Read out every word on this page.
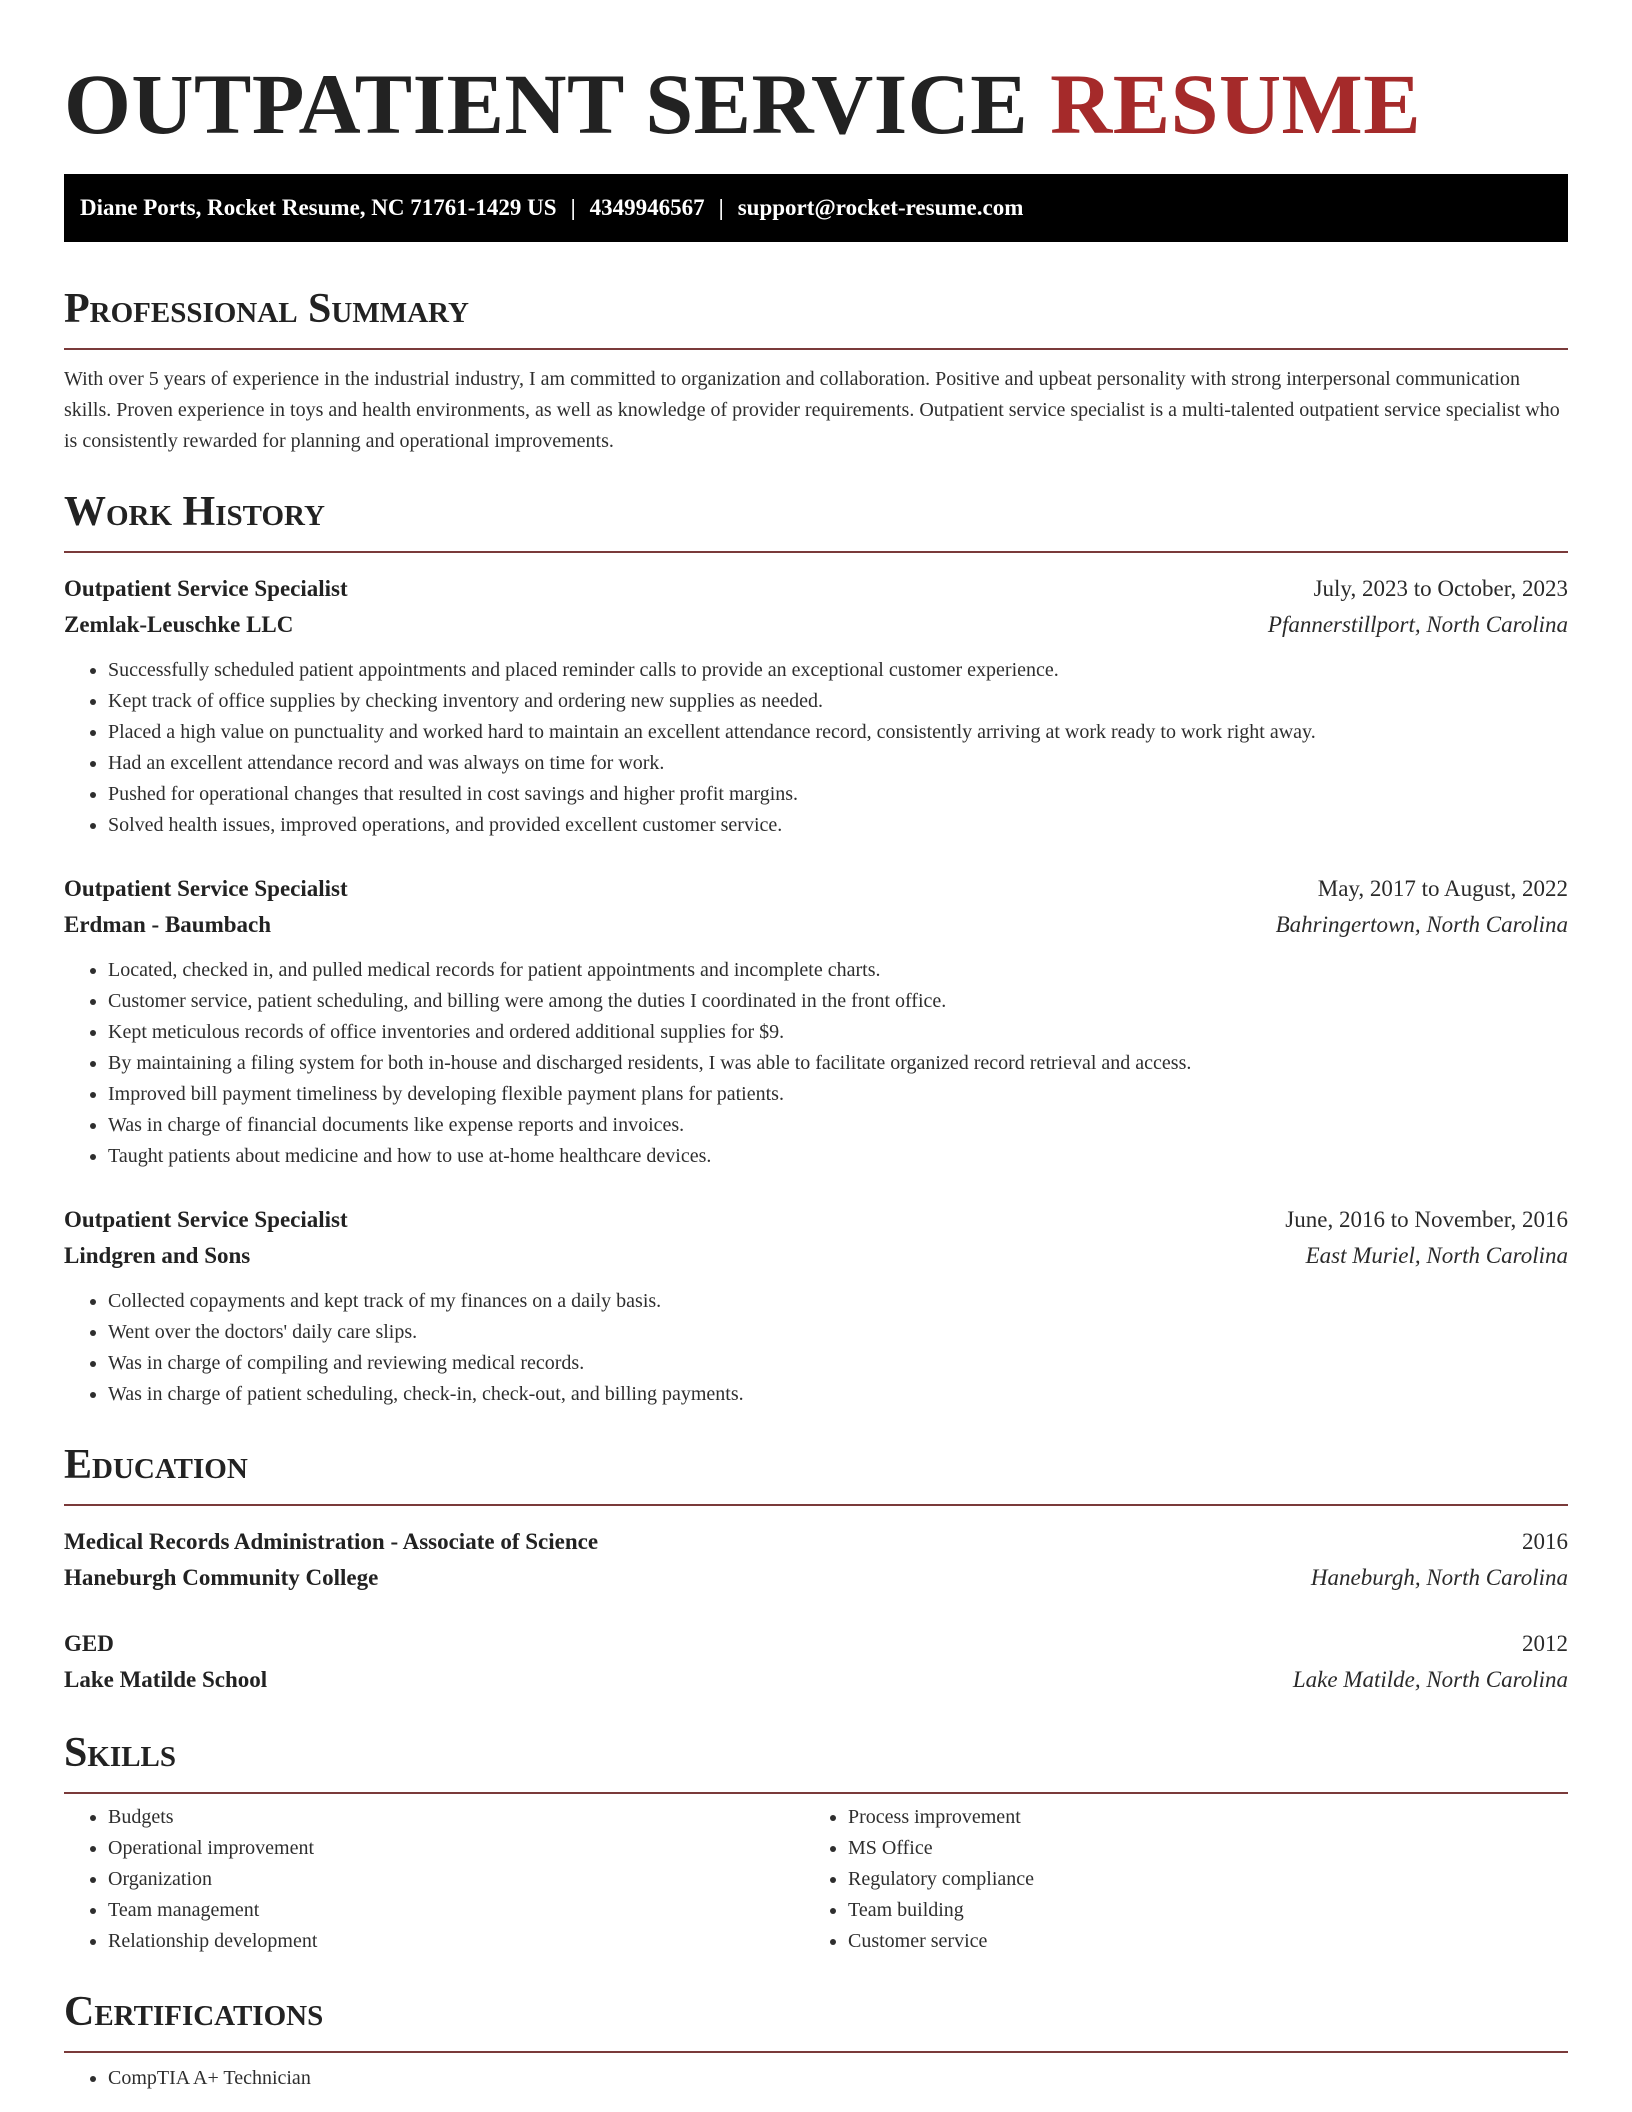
OUTPATIENT SERVICE RESUME
Diane Ports, Rocket Resume, NC 71761-1429 US | 4349946567 | support@rocket-resume.com
Professional Summary

With over 5 years of experience in the industrial industry, I am committed to organization and collaboration. Positive and upbeat personality with strong interpersonal communication skills. Proven experience in toys and health environments, as well as knowledge of provider requirements. Outpatient service specialist is a multi-talented outpatient service specialist who is consistently rewarded for planning and operational improvements.

Work History
Outpatient Service Specialist	July, 2023 to October, 2023
Zemlak-Leuschke LLC	Pfannerstillport, North Carolina
• Successfully scheduled patient appointments and placed reminder calls to provide an exceptional customer experience.
• Kept track of office supplies by checking inventory and ordering new supplies as needed.
• Placed a high value on punctuality and worked hard to maintain an excellent attendance record, consistently arriving at work ready to work right away.
• Had an excellent attendance record and was always on time for work.
• Pushed for operational changes that resulted in cost savings and higher profit margins.
• Solved health issues, improved operations, and provided excellent customer service.
Outpatient Service Specialist	May, 2017 to August, 2022
Erdman - Baumbach	Bahringertown, North Carolina
• Located, checked in, and pulled medical records for patient appointments and incomplete charts.
• Customer service, patient scheduling, and billing were among the duties I coordinated in the front office.
• Kept meticulous records of office inventories and ordered additional supplies for $9.
• By maintaining a filing system for both in-house and discharged residents, I was able to facilitate organized record retrieval and access.
• Improved bill payment timeliness by developing flexible payment plans for patients.
• Was in charge of financial documents like expense reports and invoices.
• Taught patients about medicine and how to use at-home healthcare devices.
Outpatient Service Specialist	June, 2016 to November, 2016
Lindgren and Sons	East Muriel, North Carolina
• Collected copayments and kept track of my finances on a daily basis.
• Went over the doctors' daily care slips.
• Was in charge of compiling and reviewing medical records.
• Was in charge of patient scheduling, check-in, check-out, and billing payments.
Education
Medical Records Administration - Associate of Science	2016
Haneburgh Community College	Haneburgh, North Carolina
GED	2012
Lake Matilde School	Lake Matilde, North Carolina
Skills
• Budgets
• Operational improvement
• Organization
• Team management
• Relationship development
• Process improvement
• MS Office
• Regulatory compliance
• Team building
• Customer service
Certifications
• CompTIA A+ Technician
